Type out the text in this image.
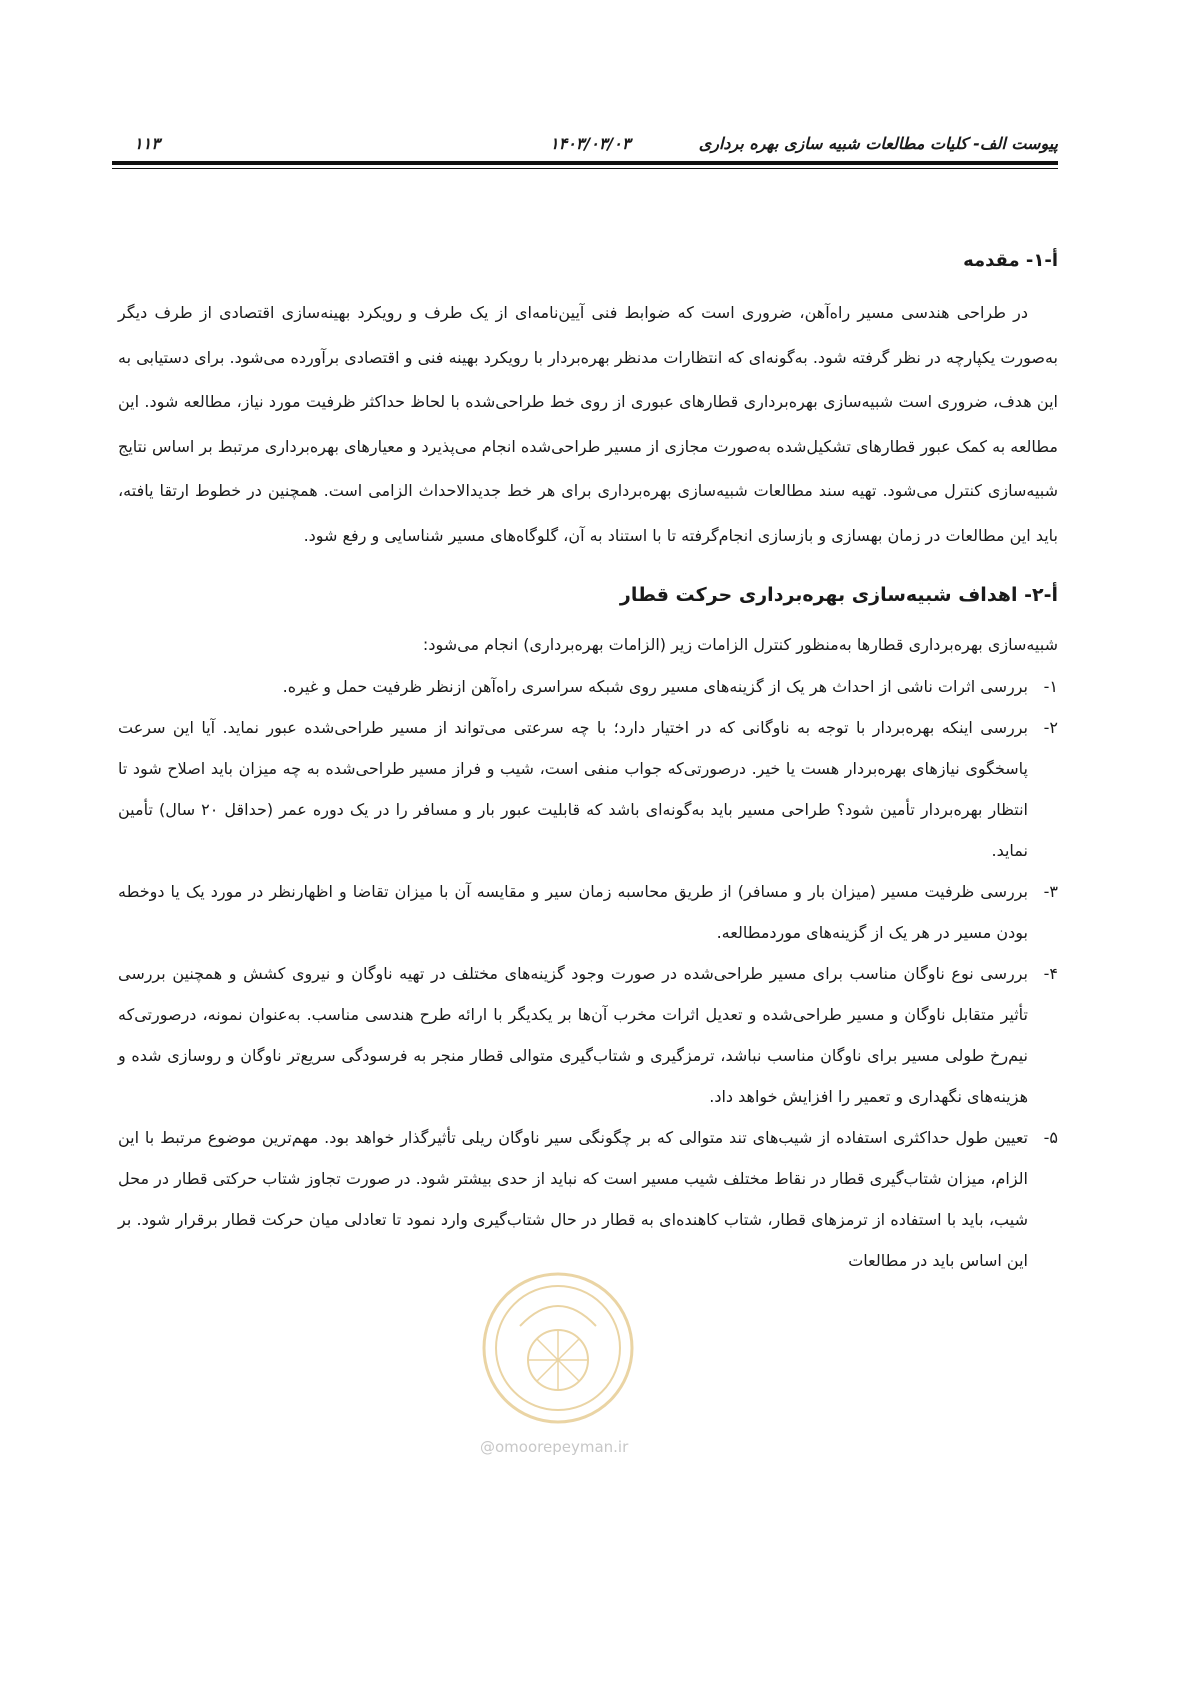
پیوست الف- کلیات مطالعات شبیه سازی بهره برداری
۱۴۰۳/۰۳/۰۳
۱۱۳
أ-۱- مقدمه

در طراحی هندسی مسیر راه‌آهن، ضروری است که ضوابط فنی آیین‌نامه‌ای از یک طرف و رویکرد بهینه‌سازی اقتصادی از طرف دیگر به‌صورت یکپارچه در نظر گرفته شود. به‌گونه‌ای که انتظارات مدنظر بهره‌بردار با رویکرد بهینه فنی و اقتصادی برآورده می‌شود. برای دستیابی به این هدف، ضروری است شبیه‌سازی بهره‌برداری قطارهای عبوری از روی خط طراحی‌شده با لحاظ حداکثر ظرفیت مورد نیاز، مطالعه شود. این مطالعه به کمک عبور قطارهای تشکیل‌شده به‌صورت مجازی از مسیر طراحی‌شده انجام می‌پذیرد و معیارهای بهره‌برداری مرتبط بر اساس نتایج شبیه‌سازی کنترل می‌شود. تهیه سند مطالعات شبیه‌سازی بهره‌برداری برای هر خط جدیدالاحداث الزامی است. همچنین در خطوط ارتقا یافته، باید این مطالعات در زمان بهسازی و بازسازی انجام‌گرفته تا با استناد به آن، گلوگاه‌های مسیر شناسایی و رفع شود.

أ-۲- اهداف شبیه‌سازی بهره‌برداری حرکت قطار

شبیه‌سازی بهره‌برداری قطارها به‌منظور کنترل الزامات زیر (الزامات بهره‌برداری) انجام می‌شود:

۱-
بررسی اثرات ناشی از احداث هر یک از گزینه‌های مسیر روی شبکه سراسری راه‌آهن ازنظر ظرفیت حمل و غیره.
۲-
بررسی اینکه بهره‌بردار با توجه به ناوگانی که در اختیار دارد؛ با چه سرعتی می‌تواند از مسیر طراحی‌شده عبور نماید. آیا این سرعت پاسخگوی نیازهای بهره‌بردار هست یا خیر. درصورتی‌که جواب منفی است، شیب و فراز مسیر طراحی‌شده به چه میزان باید اصلاح شود تا انتظار بهره‌بردار تأمین شود؟ طراحی مسیر باید به‌گونه‌ای باشد که قابلیت عبور بار و مسافر را در یک دوره عمر (حداقل ۲۰ سال) تأمین نماید.
۳-
بررسی ظرفیت مسیر (میزان بار و مسافر) از طریق محاسبه زمان سیر و مقایسه آن با میزان تقاضا و اظهارنظر در مورد یک یا دوخطه بودن مسیر در هر یک از گزینه‌های موردمطالعه.
۴-
بررسی نوع ناوگان مناسب برای مسیر طراحی‌شده در صورت وجود گزینه‌های مختلف در تهیه ناوگان و نیروی کشش و همچنین بررسی تأثیر متقابل ناوگان و مسیر طراحی‌شده و تعدیل اثرات مخرب آن‌ها بر یکدیگر با ارائه طرح هندسی مناسب. به‌عنوان نمونه، درصورتی‌که نیم‌رخ طولی مسیر برای ناوگان مناسب نباشد، ترمزگیری و شتاب‌گیری متوالی قطار منجر به فرسودگی سریع‌تر ناوگان و روسازی شده و هزینه‌های نگهداری و تعمیر را افزایش خواهد داد.
۵-
تعیین طول حداکثری استفاده از شیب‌های تند متوالی که بر چگونگی سیر ناوگان ریلی تأثیرگذار خواهد بود. مهم‌ترین موضوع مرتبط با این الزام، میزان شتاب‌گیری قطار در نقاط مختلف شیب مسیر است که نباید از حدی بیشتر شود. در صورت تجاوز شتاب حرکتی قطار در محل شیب، باید با استفاده از ترمزهای قطار، شتاب کاهنده‌ای به قطار در حال شتاب‌گیری وارد نمود تا تعادلی میان حرکت قطار برقرار شود. بر این اساس باید در مطالعات
@omoorepeyman.ir
